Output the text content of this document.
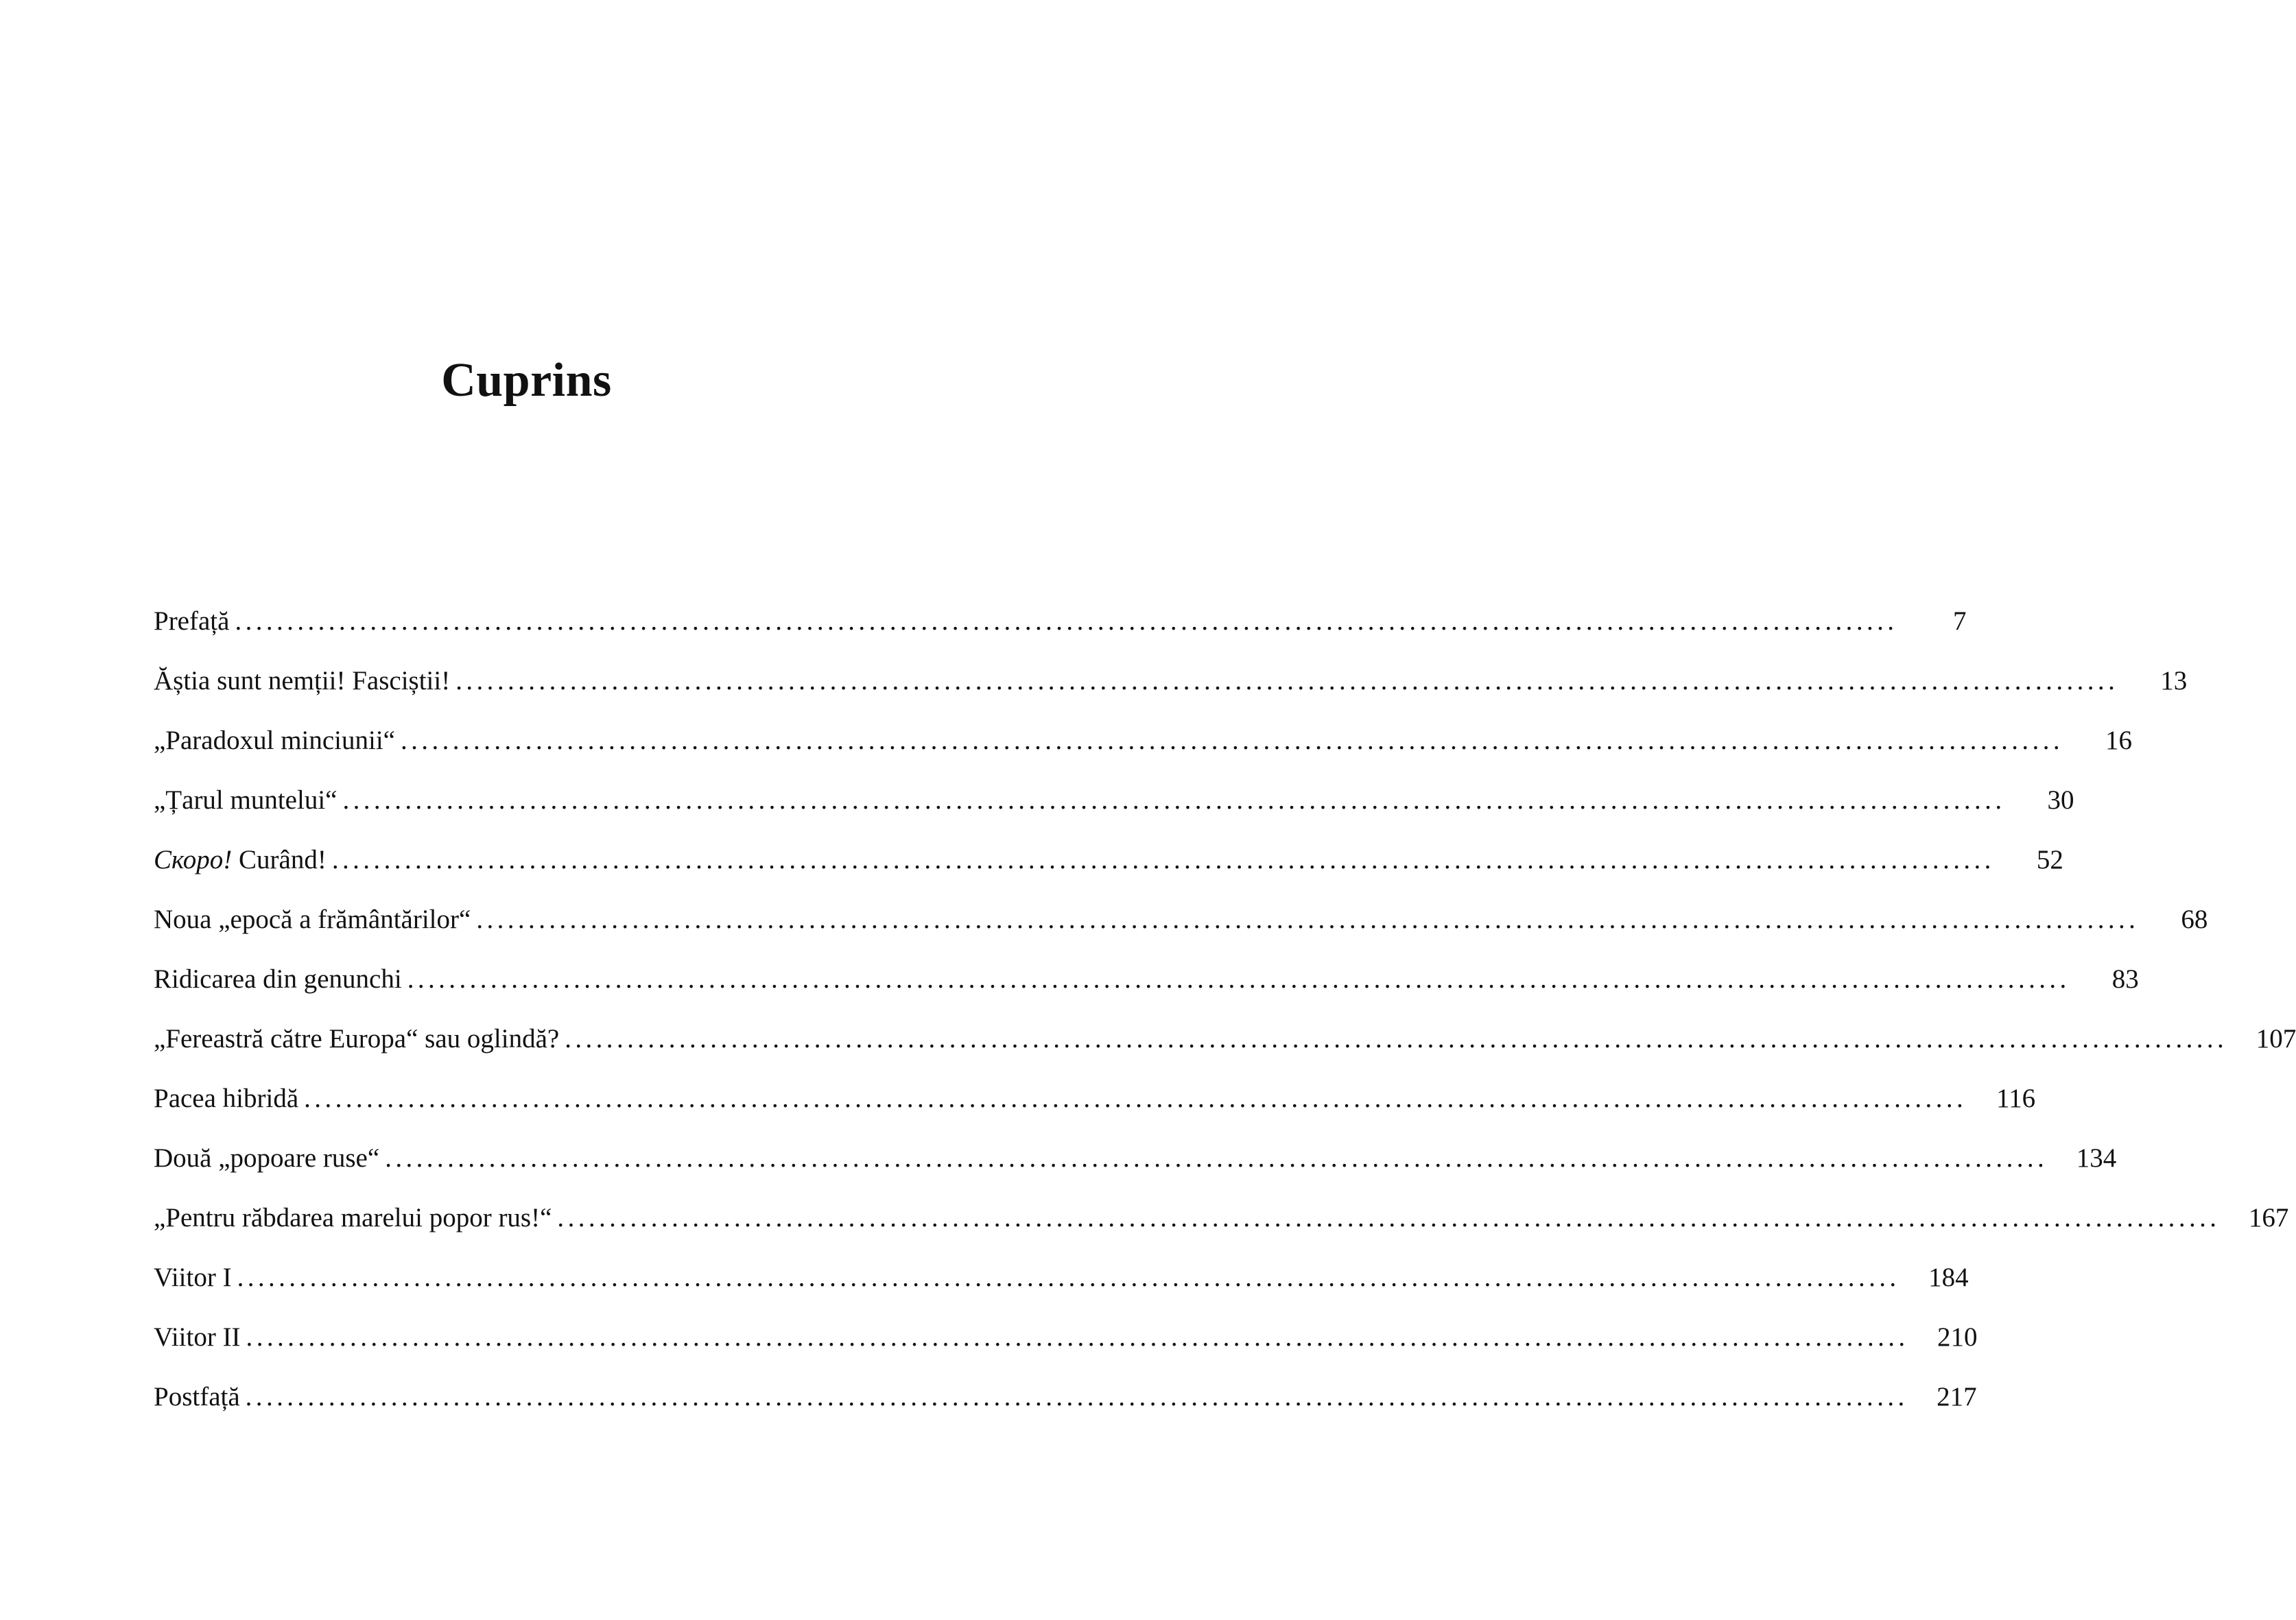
Cuprins
Prefață ................................................................................................................................................................	7
Ăștia sunt nemții! Fasciștii! ................................................................................................................................................................	13
„Paradoxul minciunii“ ................................................................................................................................................................	16
„Țarul muntelui“ ................................................................................................................................................................	30
Скоро! Curând! ................................................................................................................................................................	52
Noua „epocă a frământărilor“ ................................................................................................................................................................	68
Ridicarea din genunchi ................................................................................................................................................................	83
„Fereastră către Europa“ sau oglindă? ................................................................................................................................................................	107
Pacea hibridă ................................................................................................................................................................	116
Două „popoare ruse“ ................................................................................................................................................................	134
„Pentru răbdarea marelui popor rus!“ ................................................................................................................................................................	167
Viitor I ................................................................................................................................................................	184
Viitor II ................................................................................................................................................................	210
Postfață ................................................................................................................................................................	217
